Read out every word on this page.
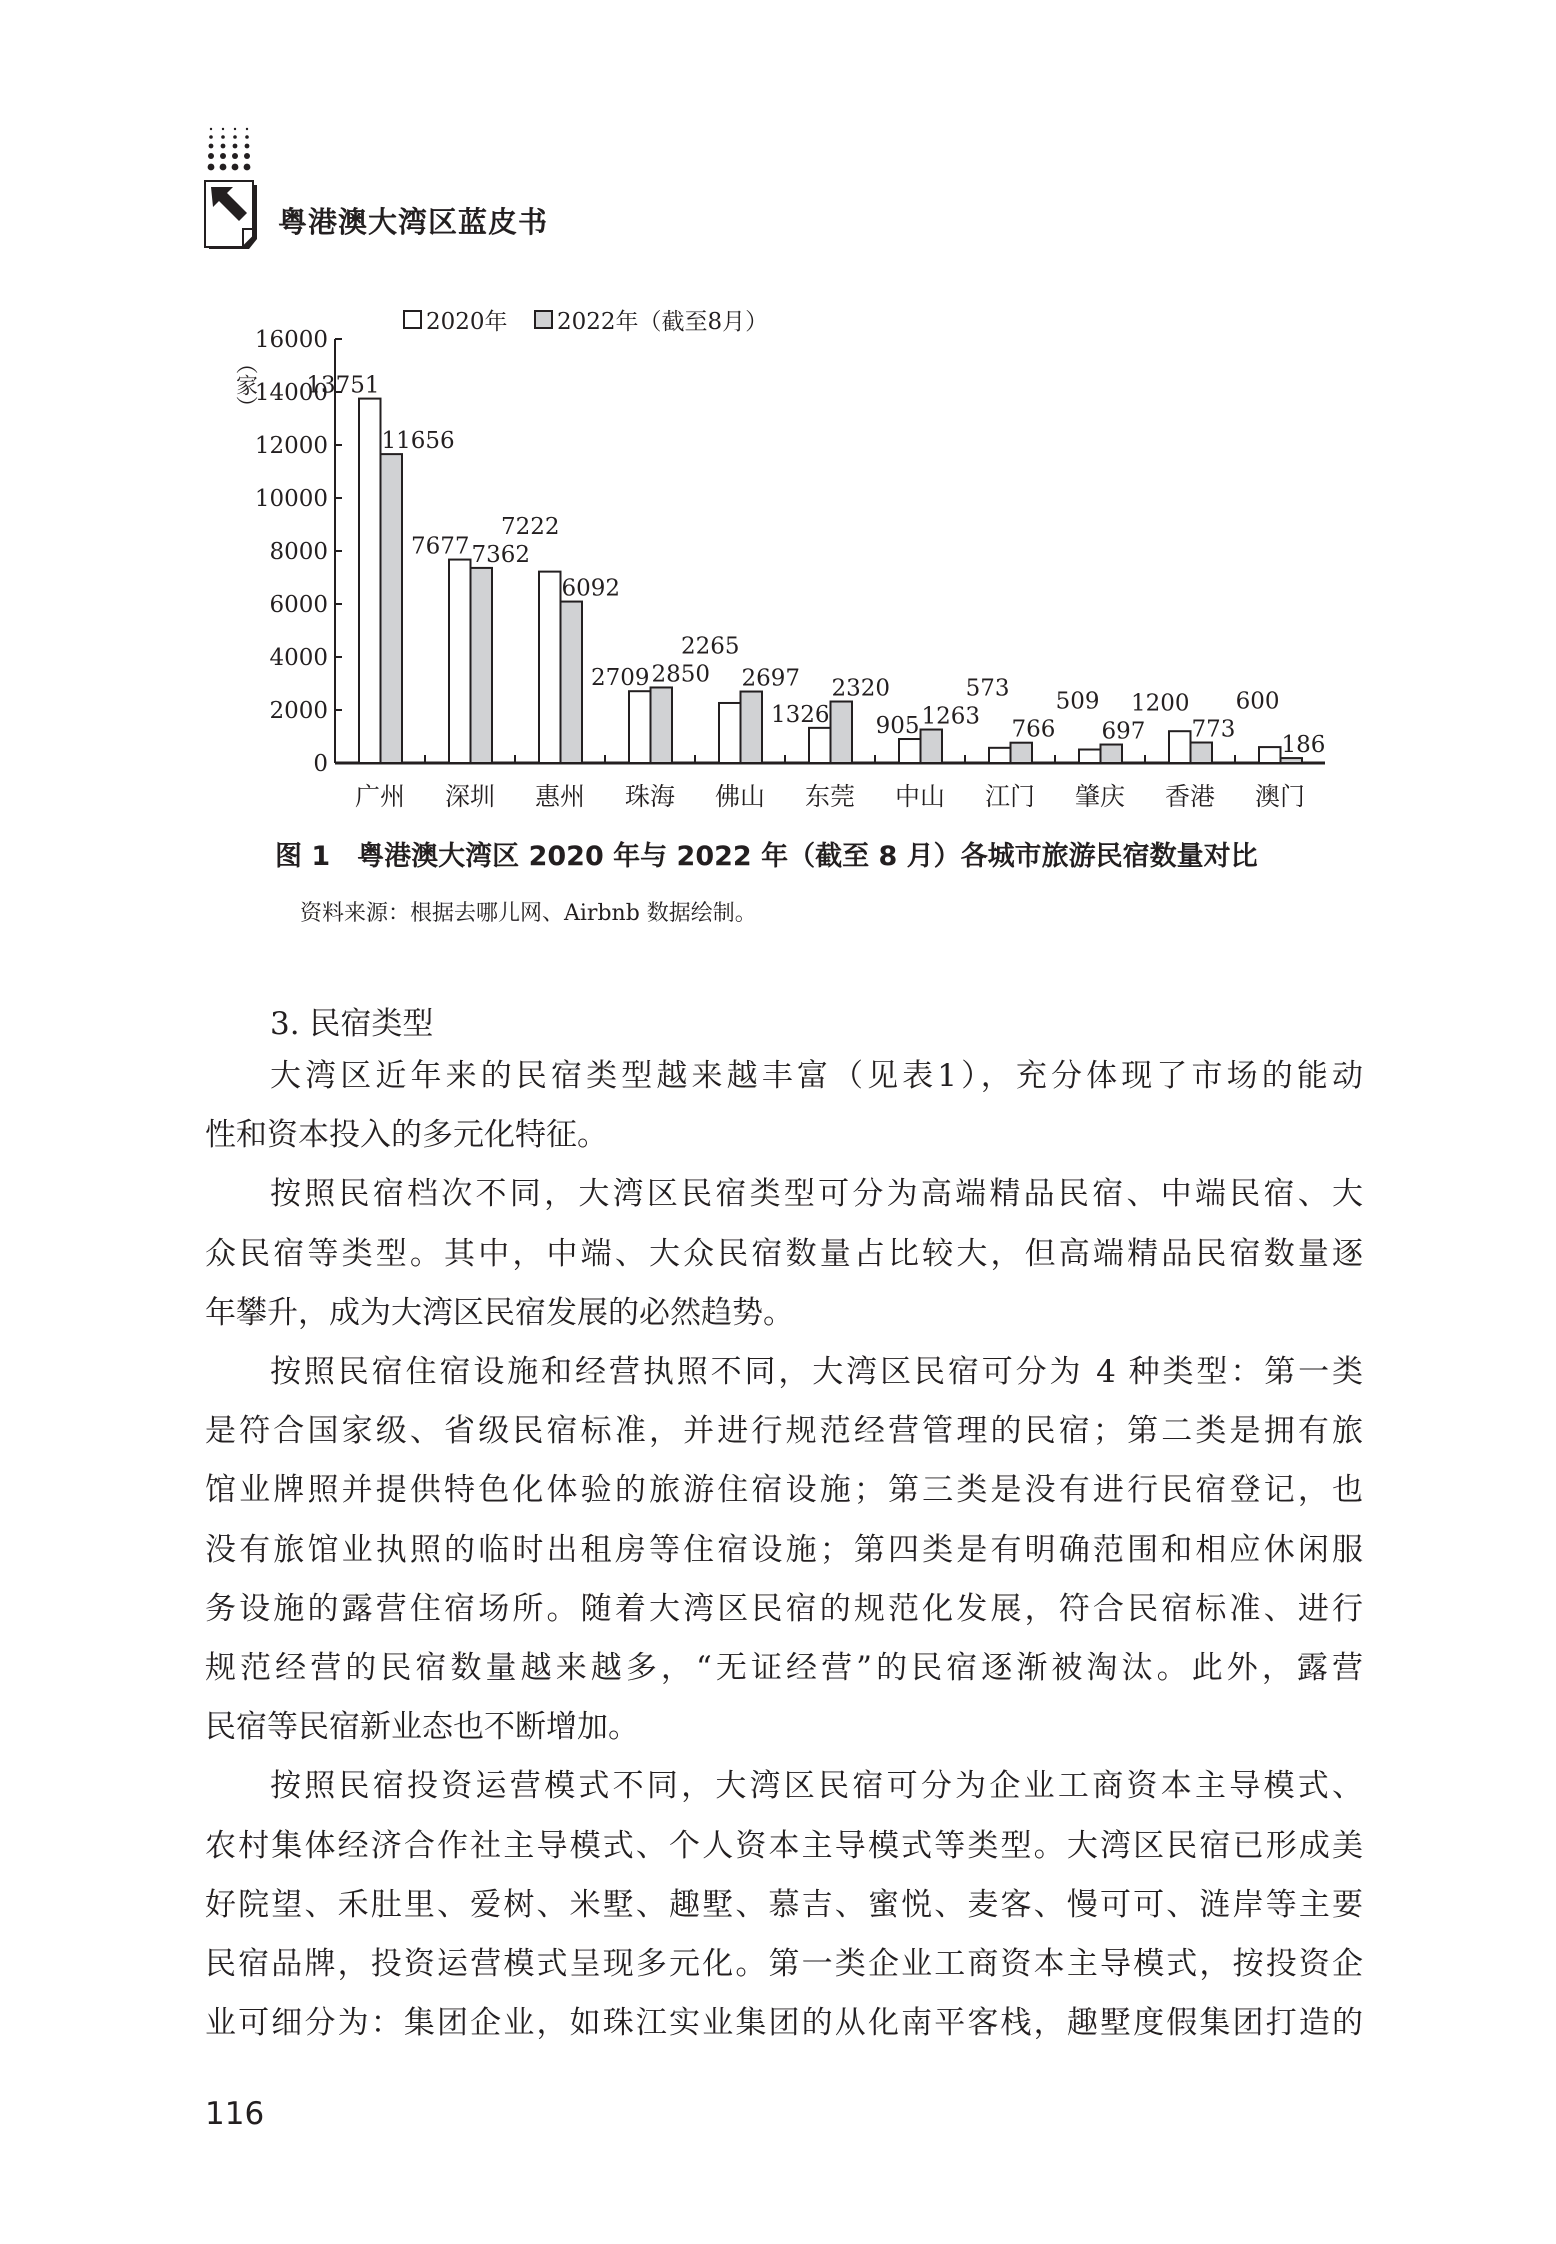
粤港澳大湾区蓝皮书
0
2000
4000
6000
8000
10000
12000
14000
16000
（家）
广州
13751
11656
深圳
7677 7362
惠州
7222
6092
珠海
2709 2850
佛山
2265
2697
东莞
1326
2320
中山
905 1263
江门
573
766
肇庆
509
697
香港
1200
773
澳门
600
186
2020年 2022年（截至8月）
图 1　粤港澳大湾区 2020 年与 2022 年（截至 8 月）各城市旅游民宿数量对比
资料来源：根据去哪儿网、Airbnb 数据绘制。
3. 民宿类型
大湾区近年来的民宿类型越来越丰富（见表1），充分体现了市场的能动
性和资本投入的多元化特征。
按照民宿档次不同，大湾区民宿类型可分为高端精品民宿、中端民宿、大
众民宿等类型。其中，中端、大众民宿数量占比较大，但高端精品民宿数量逐
年攀升，成为大湾区民宿发展的必然趋势。
按照民宿住宿设施和经营执照不同，大湾区民宿可分为 4 种类型：第一类
是符合国家级、省级民宿标准，并进行规范经营管理的民宿；第二类是拥有旅
馆业牌照并提供特色化体验的旅游住宿设施；第三类是没有进行民宿登记，也
没有旅馆业执照的临时出租房等住宿设施；第四类是有明确范围和相应休闲服
务设施的露营住宿场所。随着大湾区民宿的规范化发展，符合民宿标准、进行
规范经营的民宿数量越来越多，“无证经营”的民宿逐渐被淘汰。此外，露营
民宿等民宿新业态也不断增加。
按照民宿投资运营模式不同，大湾区民宿可分为企业工商资本主导模式、
农村集体经济合作社主导模式、个人资本主导模式等类型。大湾区民宿已形成美
好院望、禾肚里、爱树、米墅、趣墅、慕吉、蜜悦、麦客、慢可可、涟岸等主要
民宿品牌，投资运营模式呈现多元化。第一类企业工商资本主导模式，按投资企
业可细分为：集团企业，如珠江实业集团的从化南平客栈，趣墅度假集团打造的
116
